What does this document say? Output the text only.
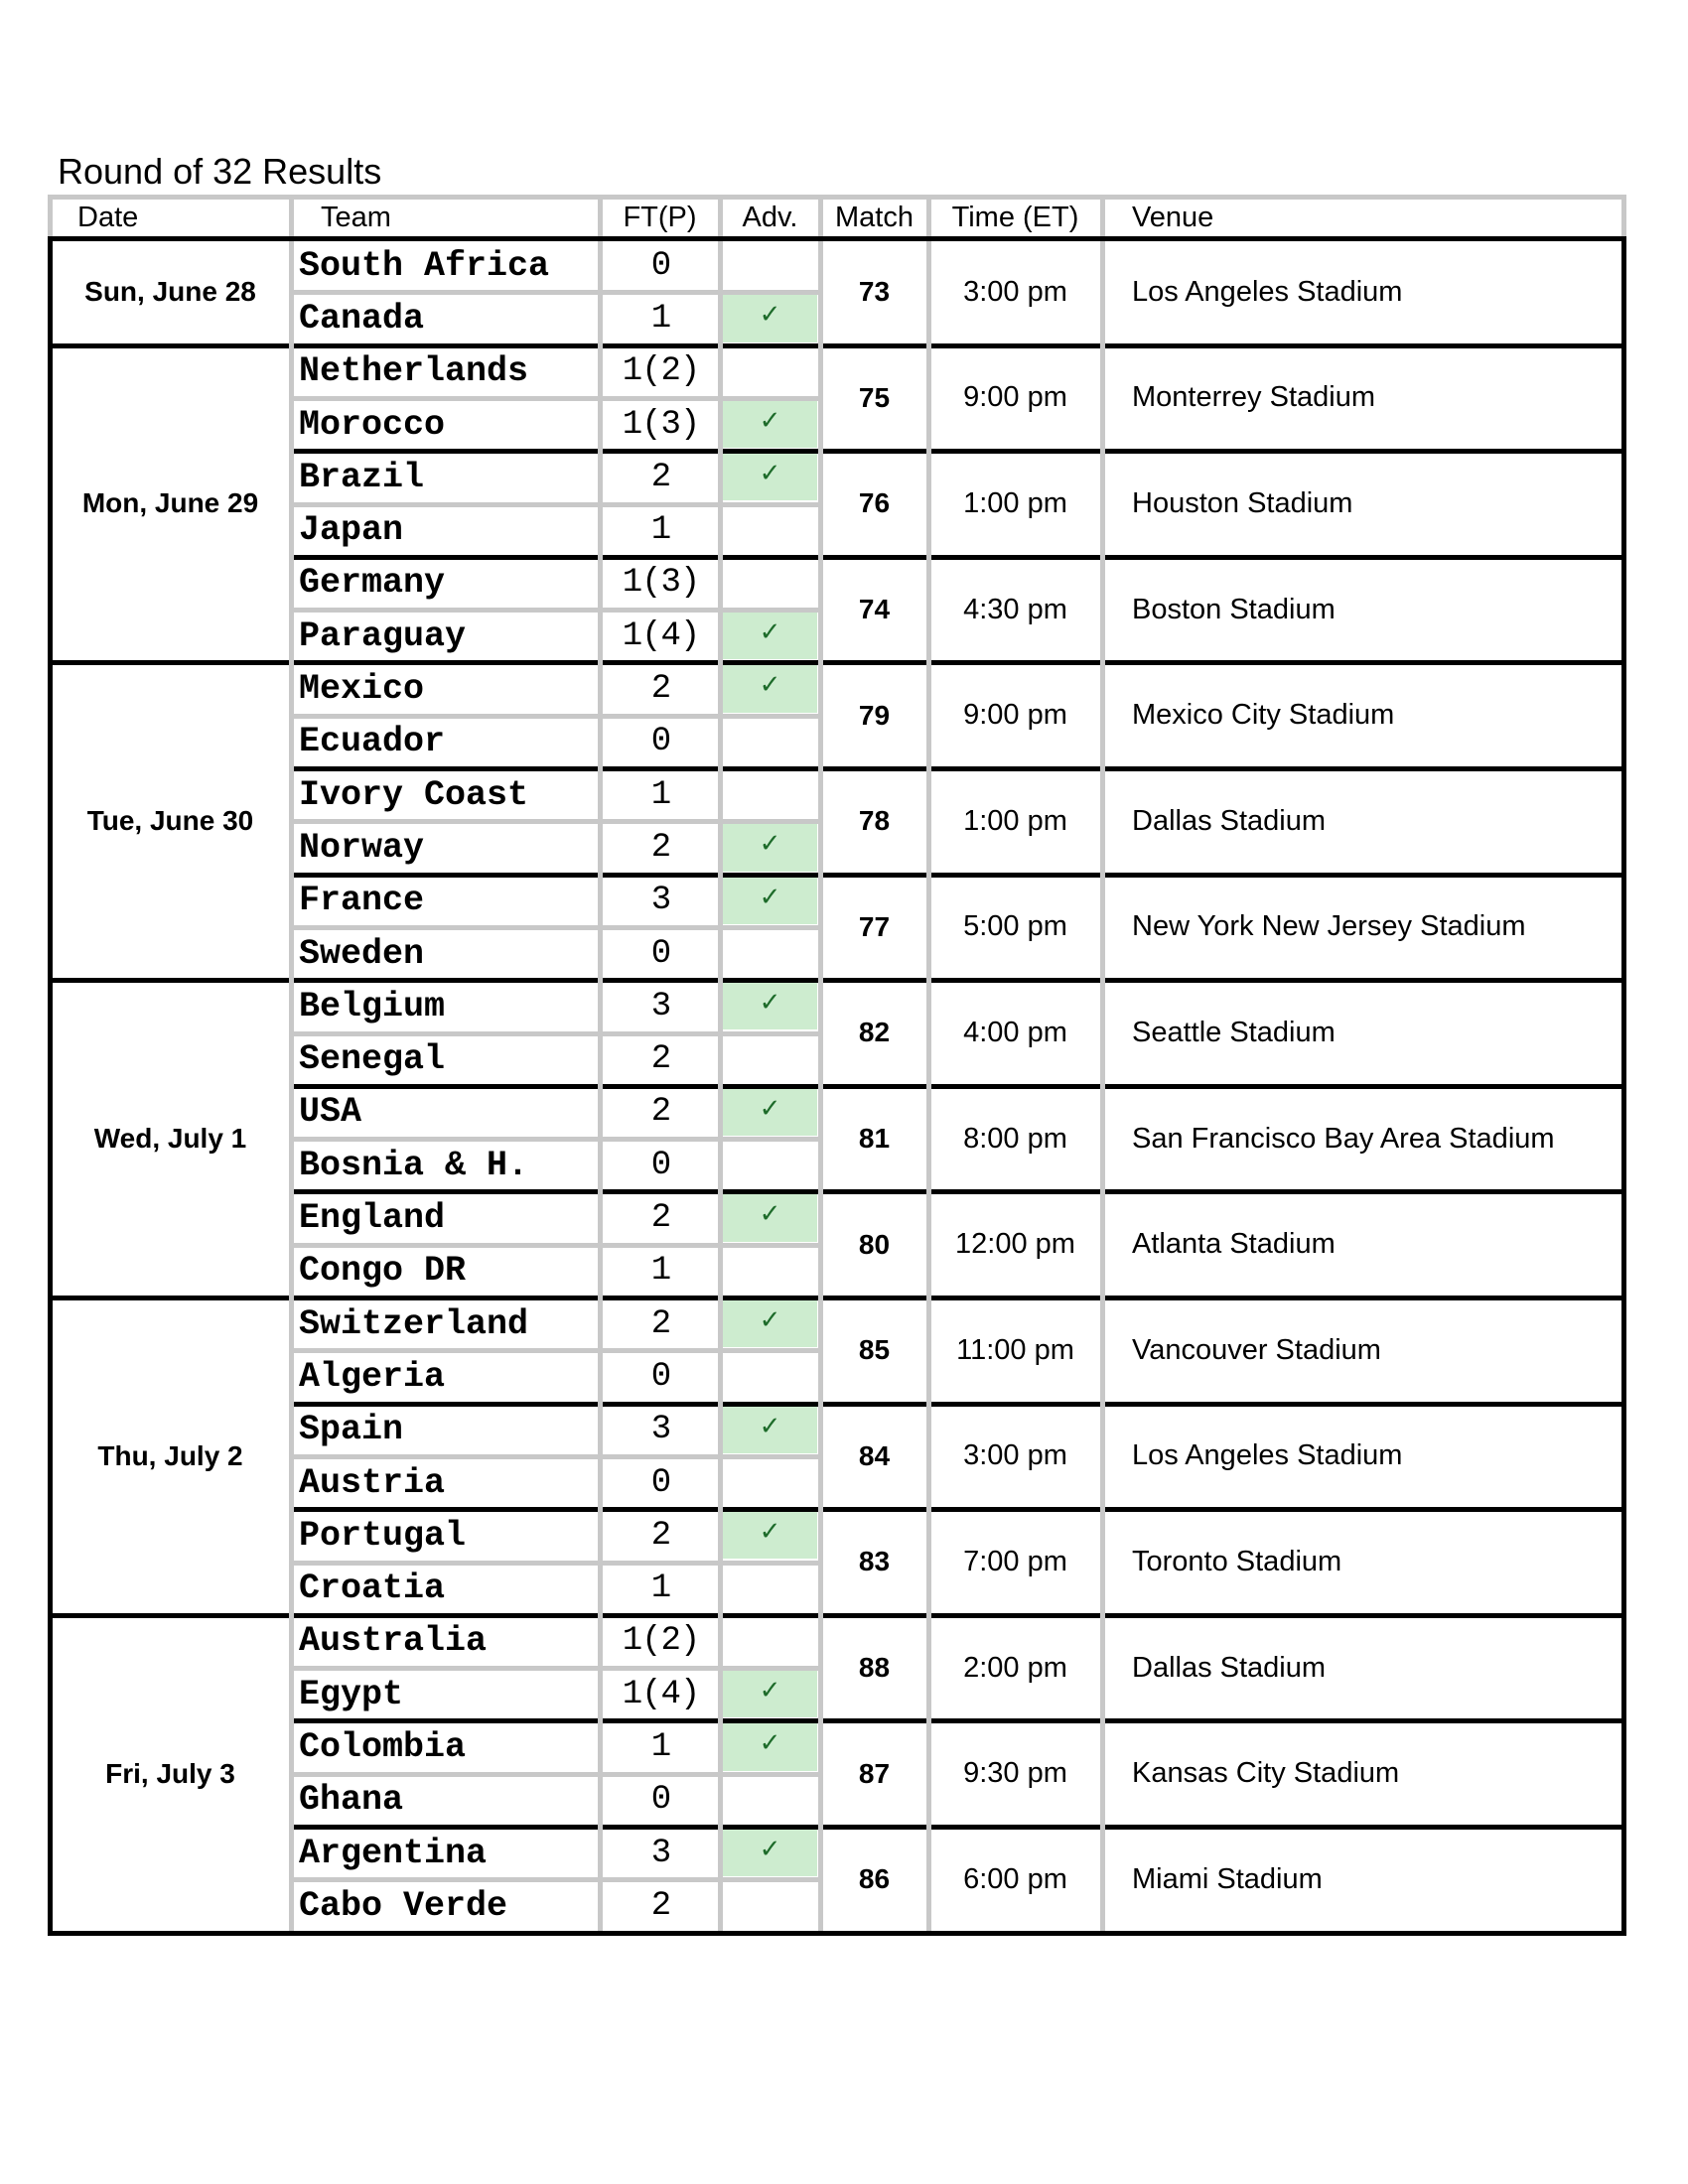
Round of 32 Results
Date	Team	FT(P)	Adv.	Match	Time (ET)	Venue
Sun, June 28
South Africa	0
Canada	1	✓
73	3:00 pm	Los Angeles Stadium
Mon, June 29
Netherlands	1(2)
Morocco	1(3)	✓
75	9:00 pm	Monterrey Stadium
Brazil	2	✓
Japan	1
76	1:00 pm	Houston Stadium
Germany	1(3)
Paraguay	1(4)	✓
74	4:30 pm	Boston Stadium
Tue, June 30
Mexico	2	✓
Ecuador	0
79	9:00 pm	Mexico City Stadium
Ivory Coast	1
Norway	2	✓
78	1:00 pm	Dallas Stadium
France	3	✓
Sweden	0
77	5:00 pm	New York New Jersey Stadium
Wed, July 1
Belgium	3	✓
Senegal	2
82	4:00 pm	Seattle Stadium
USA	2	✓
Bosnia & H.	0
81	8:00 pm	San Francisco Bay Area Stadium
England	2	✓
Congo DR	1
80	12:00 pm	Atlanta Stadium
Thu, July 2
Switzerland	2	✓
Algeria	0
85	11:00 pm	Vancouver Stadium
Spain	3	✓
Austria	0
84	3:00 pm	Los Angeles Stadium
Portugal	2	✓
Croatia	1
83	7:00 pm	Toronto Stadium
Fri, July 3
Australia	1(2)
Egypt	1(4)	✓
88	2:00 pm	Dallas Stadium
Colombia	1	✓
Ghana	0
87	9:30 pm	Kansas City Stadium
Argentina	3	✓
Cabo Verde	2
86	6:00 pm	Miami Stadium
